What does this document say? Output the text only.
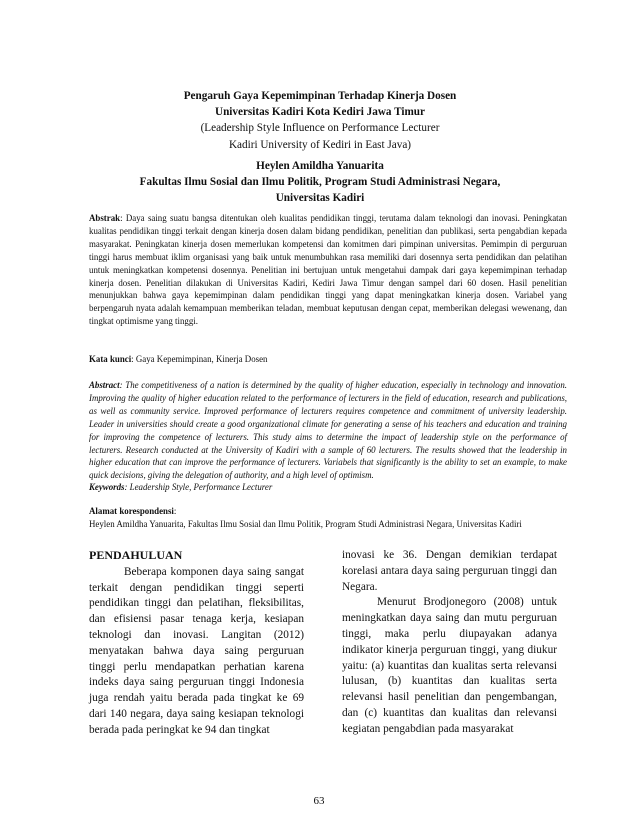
Pengaruh Gaya Kepemimpinan Terhadap Kinerja Dosen
Universitas Kadiri Kota Kediri Jawa Timur
(Leadership Style Influence on Performance Lecturer
Kadiri University of Kediri in East Java)
Heylen Amildha Yanuarita
Fakultas Ilmu Sosial dan Ilmu Politik, Program Studi Administrasi Negara,
Universitas Kadiri
Abstrak: Daya saing suatu bangsa ditentukan oleh kualitas pendidikan tinggi, terutama dalam teknologi dan inovasi. Peningkatan kualitas pendidikan tinggi terkait dengan kinerja dosen dalam bidang pendidikan, penelitian dan publikasi, serta pengabdian kepada masyarakat. Peningkatan kinerja dosen memerlukan kompetensi dan komitmen dari pimpinan universitas. Pemimpin di perguruan tinggi harus membuat iklim organisasi yang baik untuk menumbuhkan rasa memiliki dari dosennya serta pendidikan dan pelatihan untuk meningkatkan kompetensi dosennya. Penelitian ini bertujuan untuk mengetahui dampak dari gaya kepemimpinan terhadap kinerja dosen. Penelitian dilakukan di Universitas Kadiri, Kediri Jawa Timur dengan sampel dari 60 dosen. Hasil penelitian menunjukkan bahwa gaya kepemimpinan dalam pendidikan tinggi yang dapat meningkatkan kinerja dosen. Variabel yang berpengaruh nyata adalah kemampuan memberikan teladan, membuat keputusan dengan cepat, memberikan delegasi wewenang, dan tingkat optimisme yang tinggi.
Kata kunci: Gaya Kepemimpinan, Kinerja Dosen
Abstract: The competitiveness of a nation is determined by the quality of higher education, especially in technology and innovation. Improving the quality of higher education related to the performance of lecturers in the field of education, research and publications, as well as community service. Improved performance of lecturers requires competence and commitment of university leadership. Leader in universities should create a good organizational climate for generating a sense of his teachers and education and training for improving the competence of lecturers. This study aims to determine the impact of leadership style on the performance of lecturers. Research conducted at the University of Kadiri with a sample of 60 lecturers. The results showed that the leadership in higher education that can improve the performance of lecturers. Variabels that significantly is the ability to set an example, to make quick decisions, giving the delegation of authority, and a high level of optimism.
Keywords: Leadership Style, Performance Lecturer
Alamat korespondensi:
Heylen Amildha Yanuarita, Fakultas Ilmu Sosial dan Ilmu Politik, Program Studi Administrasi Negara, Universitas Kadiri
PENDAHULUAN

Beberapa komponen daya saing sangat terkait dengan pendidikan tinggi seperti pendidikan tinggi dan pelatihan, fleksibilitas, dan efisiensi pasar tenaga kerja, kesiapan teknologi dan inovasi. Langitan (2012) menyatakan bahwa daya saing perguruan tinggi perlu mendapatkan perhatian karena indeks daya saing perguruan tinggi Indonesia juga rendah yaitu berada pada tingkat ke 69 dari 140 negara, daya saing kesiapan teknologi berada pada peringkat ke 94 dan tingkat

inovasi ke 36. Dengan demikian terdapat korelasi antara daya saing perguruan tinggi dan Negara.

Menurut Brodjonegoro (2008) untuk meningkatkan daya saing dan mutu perguruan tinggi, maka perlu diupayakan adanya indikator kinerja perguruan tinggi, yang diukur yaitu: (a) kuantitas dan kualitas serta relevansi lulusan, (b) kuantitas dan kualitas serta relevansi hasil penelitian dan pengembangan, dan (c) kuantitas dan kualitas dan relevansi kegiatan pengabdian pada masyarakat

63
